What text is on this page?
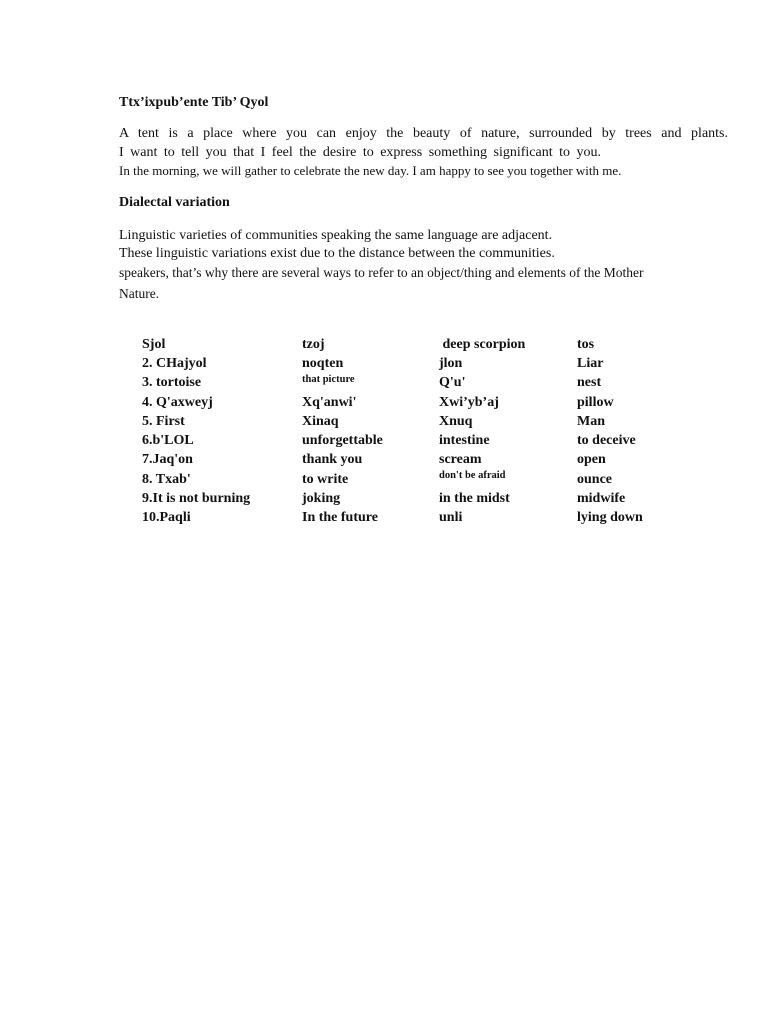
Ttx’ixpub’ente Tib’ Qyol
A tent is a place where you can enjoy the beauty of nature, surrounded by trees and plants.
I want to tell you that I feel the desire to express something significant to you.
In the morning, we will gather to celebrate the new day. I am happy to see you together with me.
Dialectal variation
Linguistic varieties of communities speaking the same language are adjacent.
These linguistic variations exist due to the distance between the communities.
speakers, that’s why there are several ways to refer to an object/thing and elements of the Mother
Nature.
Sjol	tzoj	deep scorpion	tos
2. CHajyol	noqten	jlon	Liar
3. tortoise	that picture	Q'u'	nest
4. Q'axweyj	Xq'anwi'	Xwi’yb’aj	pillow
5. First	Xinaq	Xnuq	Man
6.b'LOL	unforgettable	intestine	to deceive
7.Jaq'on	thank you	scream	open
8. Txab'	to write	don't be afraid	ounce
9.It is not burning	joking	in the midst	midwife
10.Paqli	In the future	unli	lying down
